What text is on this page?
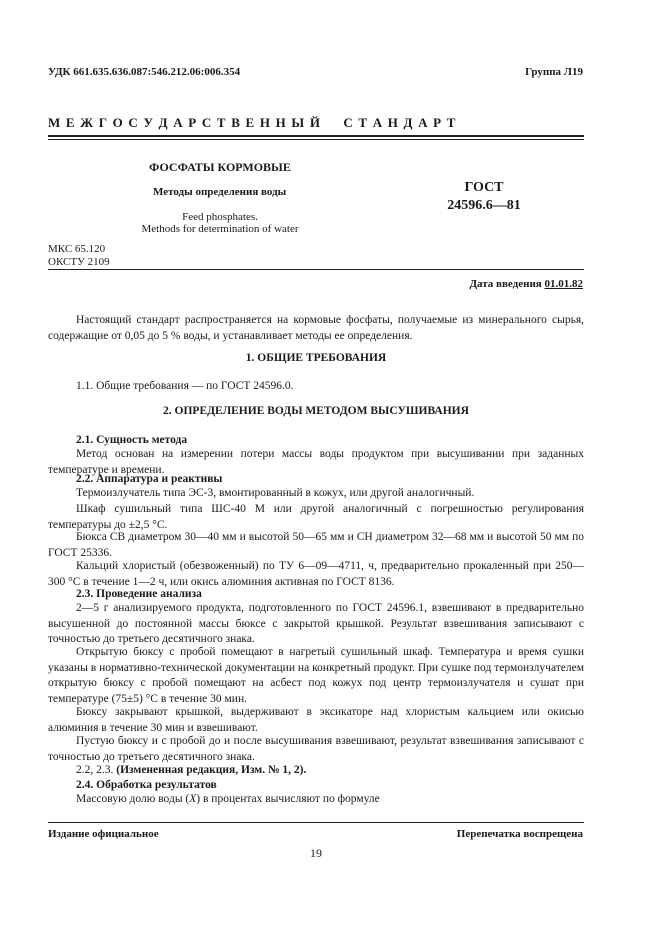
УДК 661.635.636.087:546.212.06:006.354	Группа Л19
М Е Ж Г О С У Д А Р С Т В Е Н Н Ы Й     С Т А Н Д А Р Т
ФОСФАТЫ КОРМОВЫЕ
Методы определения воды
Feed phosphates.
Methods for determination of water
ГОСТ
24596.6—81
МКС 65.120
ОКСТУ 2109
Дата введения 01.01.82
Настоящий стандарт распространяется на кормовые фосфаты, получаемые из минерального сырья, содержащие от 0,05 до 5 % воды, и устанавливает методы ее определения.
1. ОБЩИЕ ТРЕБОВАНИЯ
1.1. Общие требования — по ГОСТ 24596.0.
2. ОПРЕДЕЛЕНИЕ ВОДЫ МЕТОДОМ ВЫСУШИВАНИЯ
2.1. Сущность метода
Метод основан на измерении потери массы воды продуктом при высушивании при заданных температуре и времени.
2.2. Аппаратура и реактивы
Термоизлучатель типа ЭС-3, вмонтированный в кожух, или другой аналогичный.
Шкаф сушильный типа ШС-40 М или другой аналогичный с погрешностью регулирования температуры до ±2,5 °С.
Бюкса СВ диаметром 30—40 мм и высотой 50—65 мм и СН диаметром 32—68 мм и высотой 50 мм по ГОСТ 25336.
Кальций хлористый (обезвоженный) по ТУ 6—09—4711, ч, предварительно прокаленный при 250—300 °С в течение 1—2 ч, или окись алюминия активная по ГОСТ 8136.
2.3. Проведение анализа
2—5 г анализируемого продукта, подготовленного по ГОСТ 24596.1, взвешивают в предварительно высушенной до постоянной массы бюксе с закрытой крышкой. Результат взвешивания записывают с точностью до третьего десятичного знака.
Открытую бюксу с пробой помещают в нагретый сушильный шкаф. Температура и время сушки указаны в нормативно-технической документации на конкретный продукт. При сушке под термоизлучателем открытую бюксу с пробой помещают на асбест под кожух под центр термоизлучателя и сушат при температуре (75±5) °С в течение 30 мин.
Бюксу закрывают крышкой, выдерживают в эксикаторе над хлористым кальцием или окисью алюминия в течение 30 мин и взвешивают.
Пустую бюксу и с пробой до и после высушивания взвешивают, результат взвешивания записывают с точностью до третьего десятичного знака.
2.2, 2.3. (Измененная редакция, Изм. № 1, 2).
2.4. Обработка результатов
Массовую долю воды (X) в процентах вычисляют по формуле
Издание официальное	Перепечатка воспрещена
19
